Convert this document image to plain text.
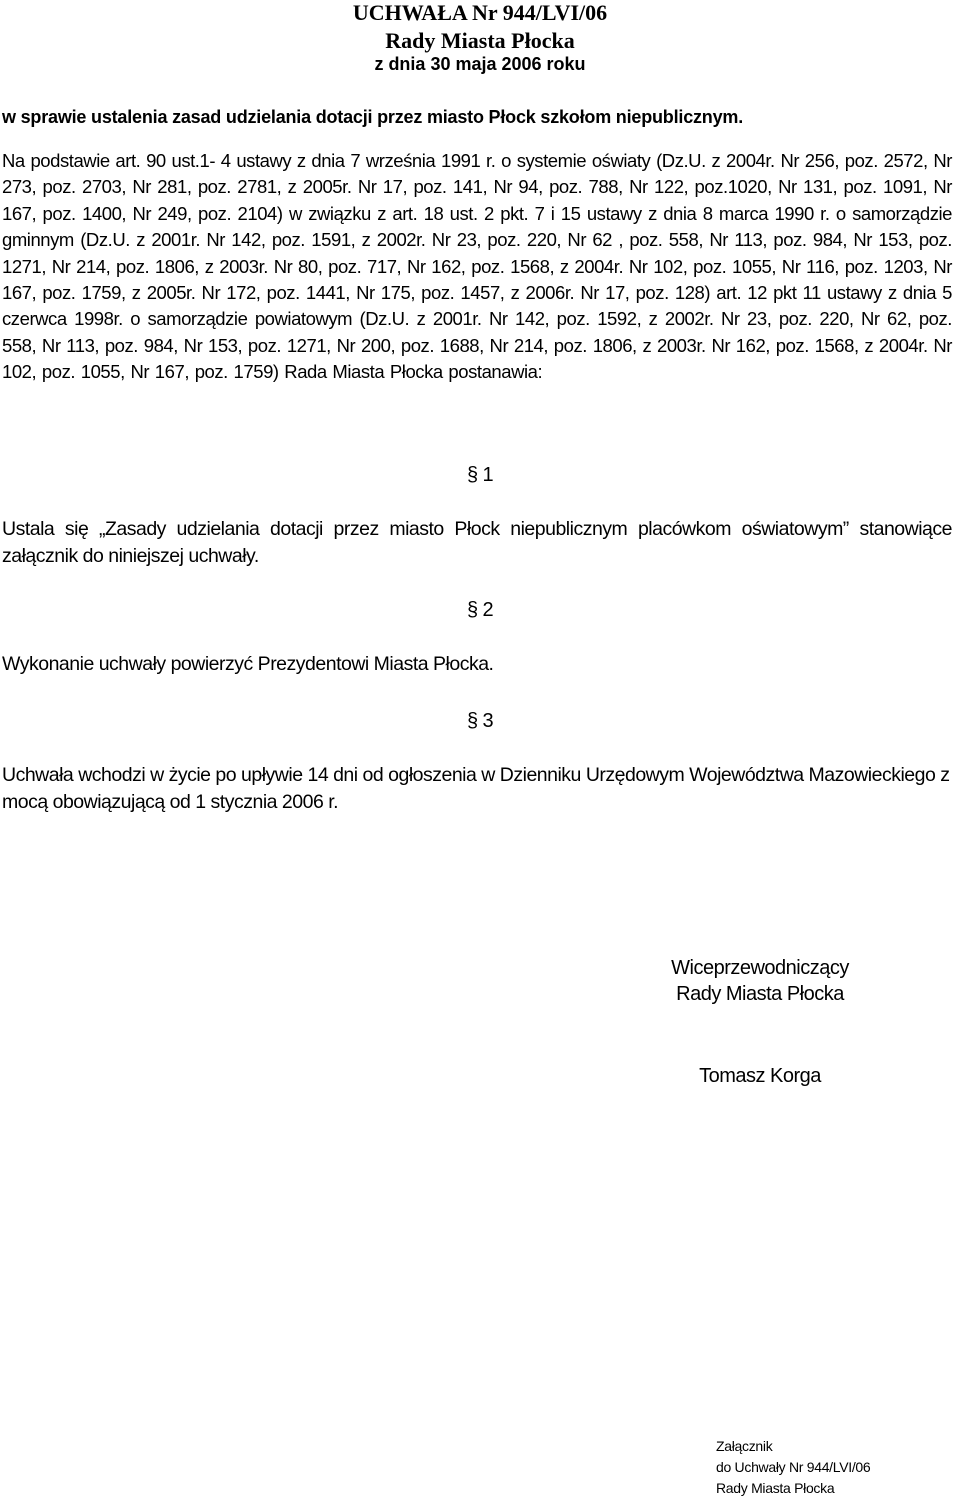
UCHWAŁA Nr 944/LVI/06
Rady Miasta Płocka
z dnia 30 maja 2006 roku
w sprawie ustalenia zasad udzielania dotacji przez miasto Płock szkołom niepublicznym.
Na podstawie art. 90 ust.1- 4 ustawy z dnia 7 września 1991 r. o systemie oświaty (Dz.U. z 2004r. Nr 256, poz. 2572, Nr 273, poz. 2703, Nr 281, poz. 2781, z 2005r. Nr 17, poz. 141, Nr 94, poz. 788, Nr 122, poz.1020, Nr 131, poz. 1091, Nr 167, poz. 1400, Nr 249, poz. 2104) w związku z art. 18 ust. 2 pkt. 7 i 15 ustawy z dnia 8 marca 1990 r. o samorządzie gminnym (Dz.U. z 2001r. Nr 142, poz. 1591, z 2002r. Nr 23, poz. 220, Nr 62 , poz. 558, Nr 113, poz. 984, Nr 153, poz. 1271, Nr 214, poz. 1806, z 2003r. Nr 80, poz. 717, Nr 162, poz. 1568, z 2004r. Nr 102, poz. 1055, Nr 116, poz. 1203, Nr 167, poz. 1759, z 2005r. Nr 172, poz. 1441, Nr 175, poz. 1457, z 2006r. Nr 17, poz. 128) art. 12 pkt 11 ustawy z dnia 5 czerwca 1998r. o samorządzie powiatowym (Dz.U. z 2001r. Nr 142, poz. 1592, z 2002r. Nr 23, poz. 220, Nr 62, poz. 558, Nr 113, poz. 984, Nr 153, poz. 1271, Nr 200, poz. 1688, Nr 214, poz. 1806, z 2003r. Nr 162, poz. 1568, z 2004r. Nr 102, poz. 1055, Nr 167, poz. 1759) Rada Miasta Płocka postanawia:
§ 1
Ustala się „Zasady udzielania dotacji przez miasto Płock niepublicznym placówkom oświatowym” stanowiące załącznik do niniejszej uchwały.
§ 2
Wykonanie uchwały powierzyć Prezydentowi Miasta Płocka.
§ 3
Uchwała wchodzi w życie po upływie 14 dni od ogłoszenia w Dzienniku Urzędowym Województwa Mazowieckiego z mocą obowiązującą od 1 stycznia 2006 r.
Wiceprzewodniczący
Rady Miasta Płocka
Tomasz Korga
Załącznik
do Uchwały Nr 944/LVI/06
Rady Miasta Płocka
